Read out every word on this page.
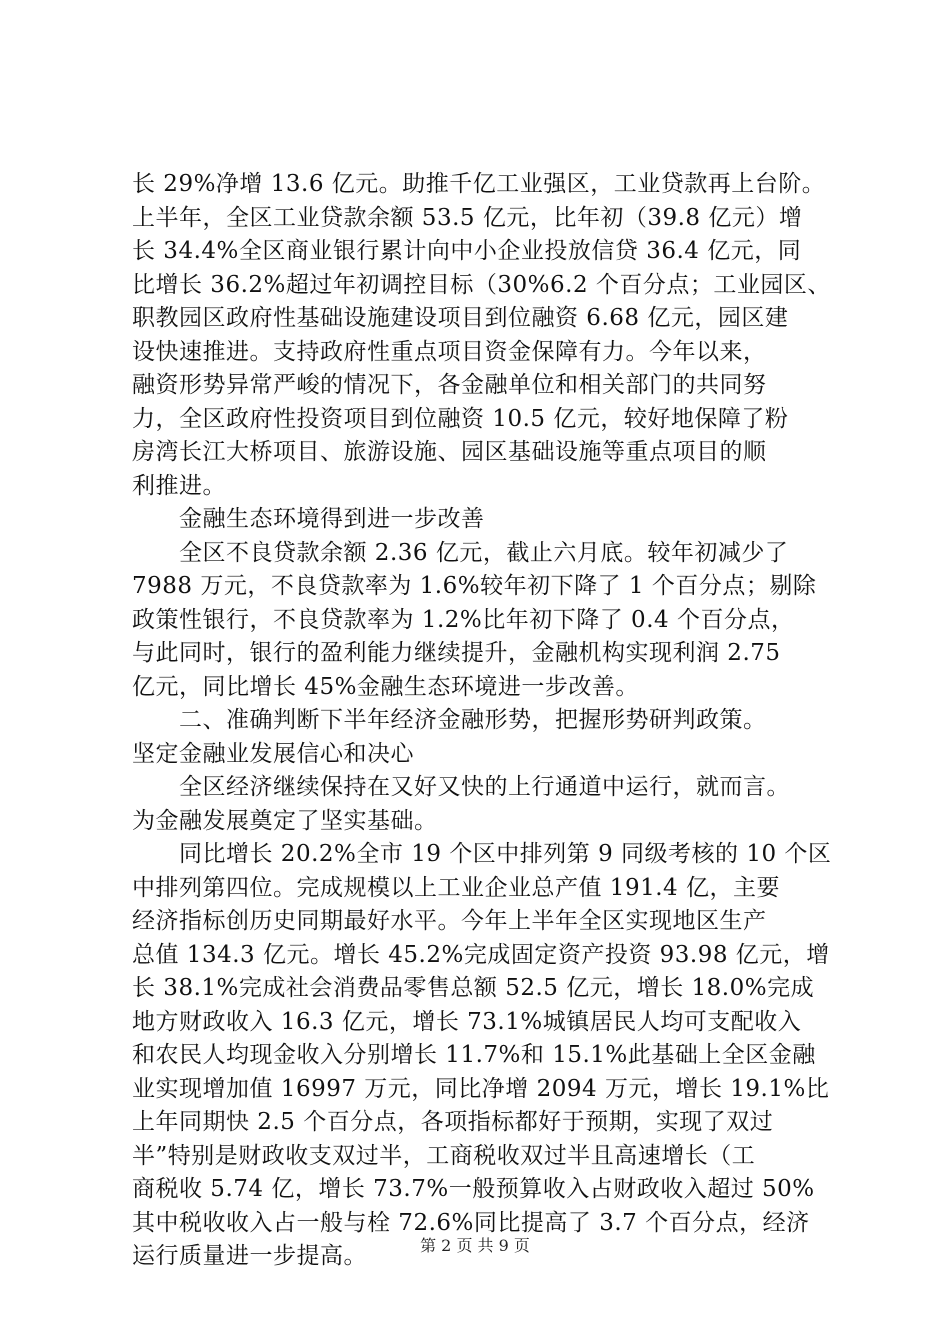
长 29%净增 13.6 亿元。助推千亿工业强区，工业贷款再上台阶。
上半年，全区工业贷款余额 53.5 亿元，比年初（39.8 亿元）增
长 34.4%全区商业银行累计向中小企业投放信贷 36.4 亿元，同
比增长 36.2%超过年初调控目标（30%6.2 个百分点；工业园区、
职教园区政府性基础设施建设项目到位融资 6.68 亿元，园区建
设快速推进。支持政府性重点项目资金保障有力。今年以来，
融资形势异常严峻的情况下，各金融单位和相关部门的共同努
力，全区政府性投资项目到位融资 10.5 亿元，较好地保障了粉
房湾长江大桥项目、旅游设施、园区基础设施等重点项目的顺
利推进。
　　金融生态环境得到进一步改善
　　全区不良贷款余额 2.36 亿元，截止六月底。较年初减少了
7988 万元，不良贷款率为 1.6%较年初下降了 1 个百分点；剔除
政策性银行，不良贷款率为 1.2%比年初下降了 0.4 个百分点，
与此同时，银行的盈利能力继续提升，金融机构实现利润 2.75
亿元，同比增长 45%金融生态环境进一步改善。
　　二、准确判断下半年经济金融形势，把握形势研判政策。
坚定金融业发展信心和决心
　　全区经济继续保持在又好又快的上行通道中运行，就而言。
为金融发展奠定了坚实基础。
　　同比增长 20.2%全市 19 个区中排列第 9 同级考核的 10 个区
中排列第四位。完成规模以上工业企业总产值 191.4 亿，主要
经济指标创历史同期最好水平。今年上半年全区实现地区生产
总值 134.3 亿元。增长 45.2%完成固定资产投资 93.98 亿元，增
长 38.1%完成社会消费品零售总额 52.5 亿元，增长 18.0%完成
地方财政收入 16.3 亿元，增长 73.1%城镇居民人均可支配收入
和农民人均现金收入分别增长 11.7%和 15.1%此基础上全区金融
业实现增加值 16997 万元，同比净增 2094 万元，增长 19.1%比
上年同期快 2.5 个百分点，各项指标都好于预期，实现了双过
半”特别是财政收支双过半，工商税收双过半且高速增长（工
商税收 5.74 亿，增长 73.7%一般预算收入占财政收入超过 50%
其中税收收入占一般与栓 72.6%同比提高了 3.7 个百分点，经济
运行质量进一步提高。	第 2 页 共 9 页
